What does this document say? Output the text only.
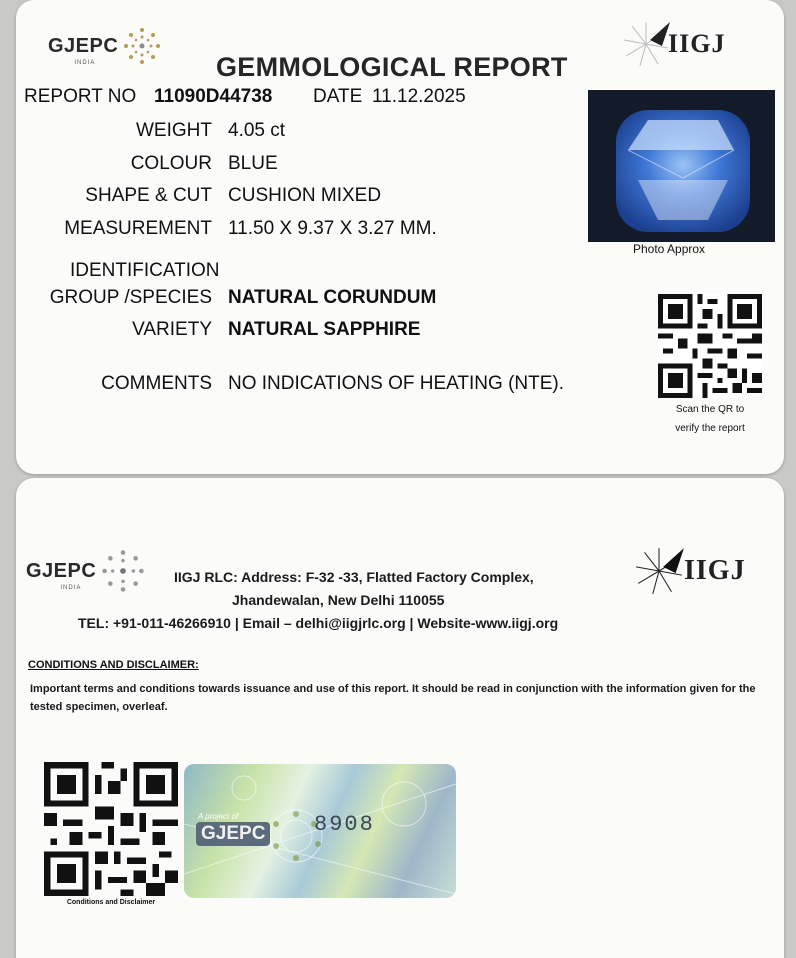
GJEPC
INDIA
IIGJ
GEMMOLOGICAL REPORT
REPORT NO 11090D44738 DATE 11.12.2025
WEIGHT 4.05 ct
COLOUR BLUE
SHAPE & CUT CUSHION MIXED
MEASUREMENT 11.50 X 9.37 X 3.27 MM.
IDENTIFICATION
GROUP /SPECIES NATURAL CORUNDUM
VARIETY NATURAL SAPPHIRE
COMMENTS NO INDICATIONS OF HEATING (NTE).
Photo Approx
Scan the QR to
verify the report
GJEPC
INDIA
IIGJ
IIGJ RLC: Address: F-32 -33, Flatted Factory Complex,
Jhandewalan, New Delhi 110055
TEL: +91-011-46266910 | Email – delhi@iigjrlc.org | Website-www.iigj.org
CONDITIONS AND DISCLAIMER:
Important terms and conditions towards issuance and use of this report. It should be read in conjunction with the information given for the tested specimen, overleaf.
Conditions and Disclaimer
A project of
GJEPC 8908
